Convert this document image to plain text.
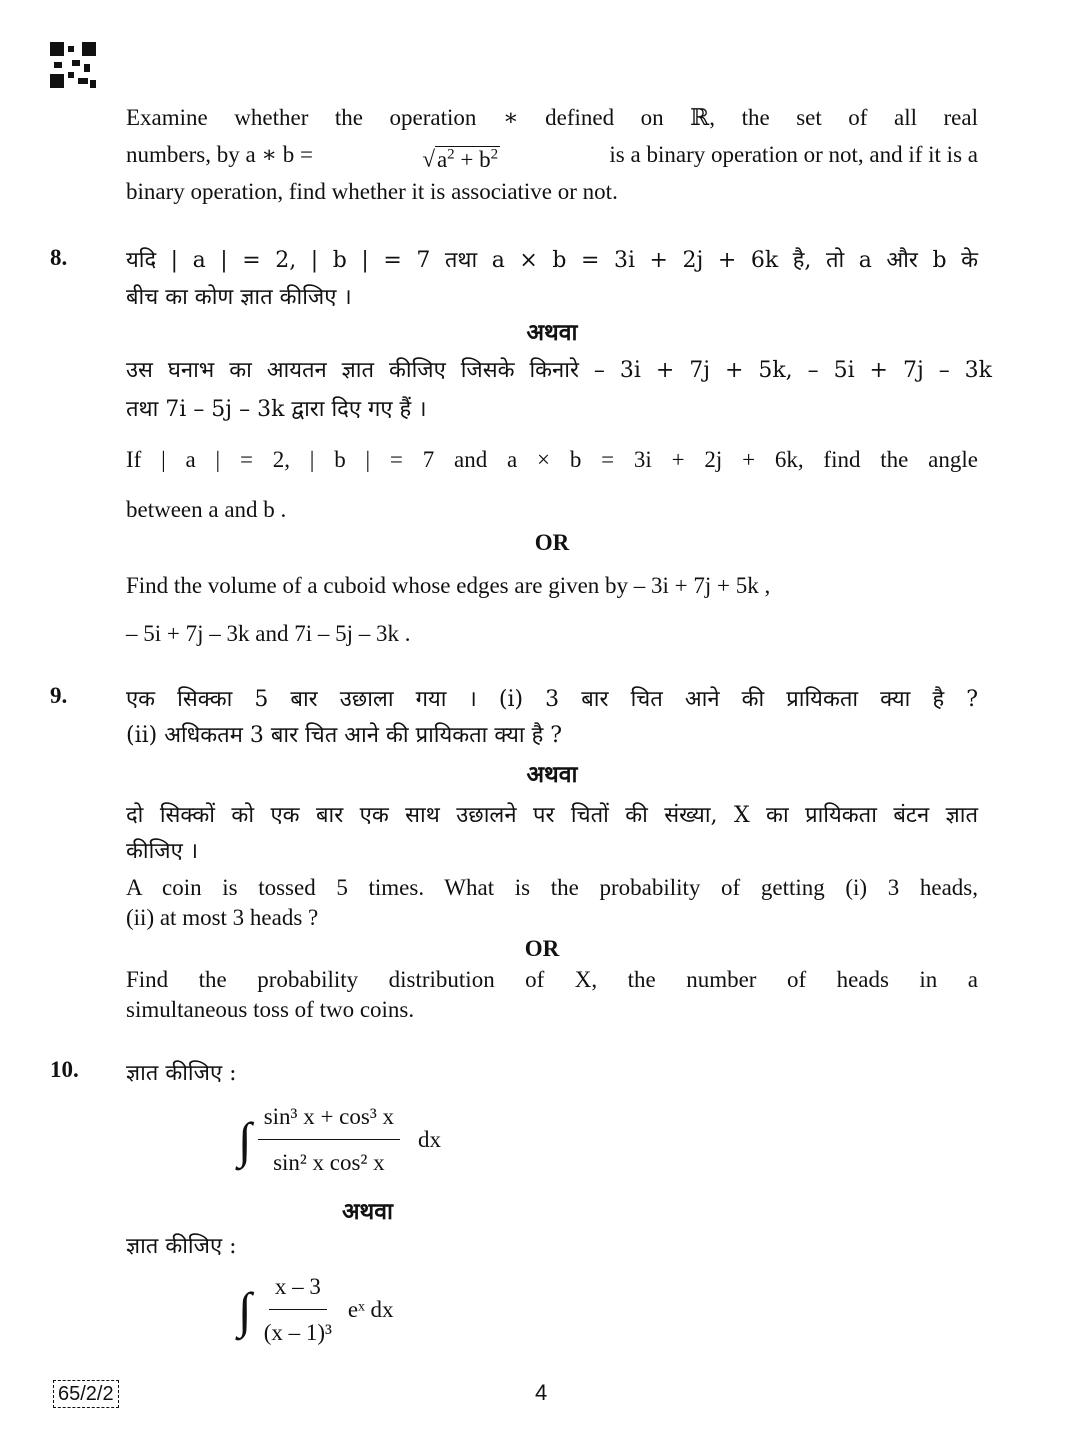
Examine whether the operation ∗ defined on ℝ, the set of all real
numbers, by a ∗ b =	$√a^2 + b^2$	is a binary operation or not, and if it is a
binary operation, find whether it is associative or not.
8.	यदि | a | = 2, | b | = 7 तथा a × b = 3i + 2j + 6k है, तो a और b के
बीच का कोण ज्ञात कीजिए ।
अथवा
उस घनाभ का आयतन ज्ञात कीजिए जिसके किनारे – 3i + 7j + 5k, – 5i + 7j – 3k
तथा 7i – 5j – 3k द्वारा दिए गए हैं ।
If | a | = 2, | b | = 7 and a × b = 3i + 2j + 6k, find the angle
between a and b .
OR
Find the volume of a cuboid whose edges are given by – 3i + 7j + 5k ,
– 5i + 7j – 3k and 7i – 5j – 3k .
9.	एक सिक्का 5 बार उछाला गया । (i) 3 बार चित आने की प्रायिकता क्या है ?
(ii) अधिकतम 3 बार चित आने की प्रायिकता क्या है ?
अथवा
दो सिक्कों को एक बार एक साथ उछालने पर चितों की संख्या, X का प्रायिकता बंटन ज्ञात
कीजिए ।
A coin is tossed 5 times. What is the probability of getting (i) 3 heads,
(ii) at most 3 heads ?
OR
Find the probability distribution of X, the number of heads in a
simultaneous toss of two coins.
10. ज्ञात कीजिए :
∫ $\frac{\text{sin³ x + cos³ x}}{\text{sin² x cos² x}}$ dx
अथवा
ज्ञात कीजिए :
∫ $\frac{x - 3}{\text{(x – 1)³}}$ eˣ dx
65/2/2	4
